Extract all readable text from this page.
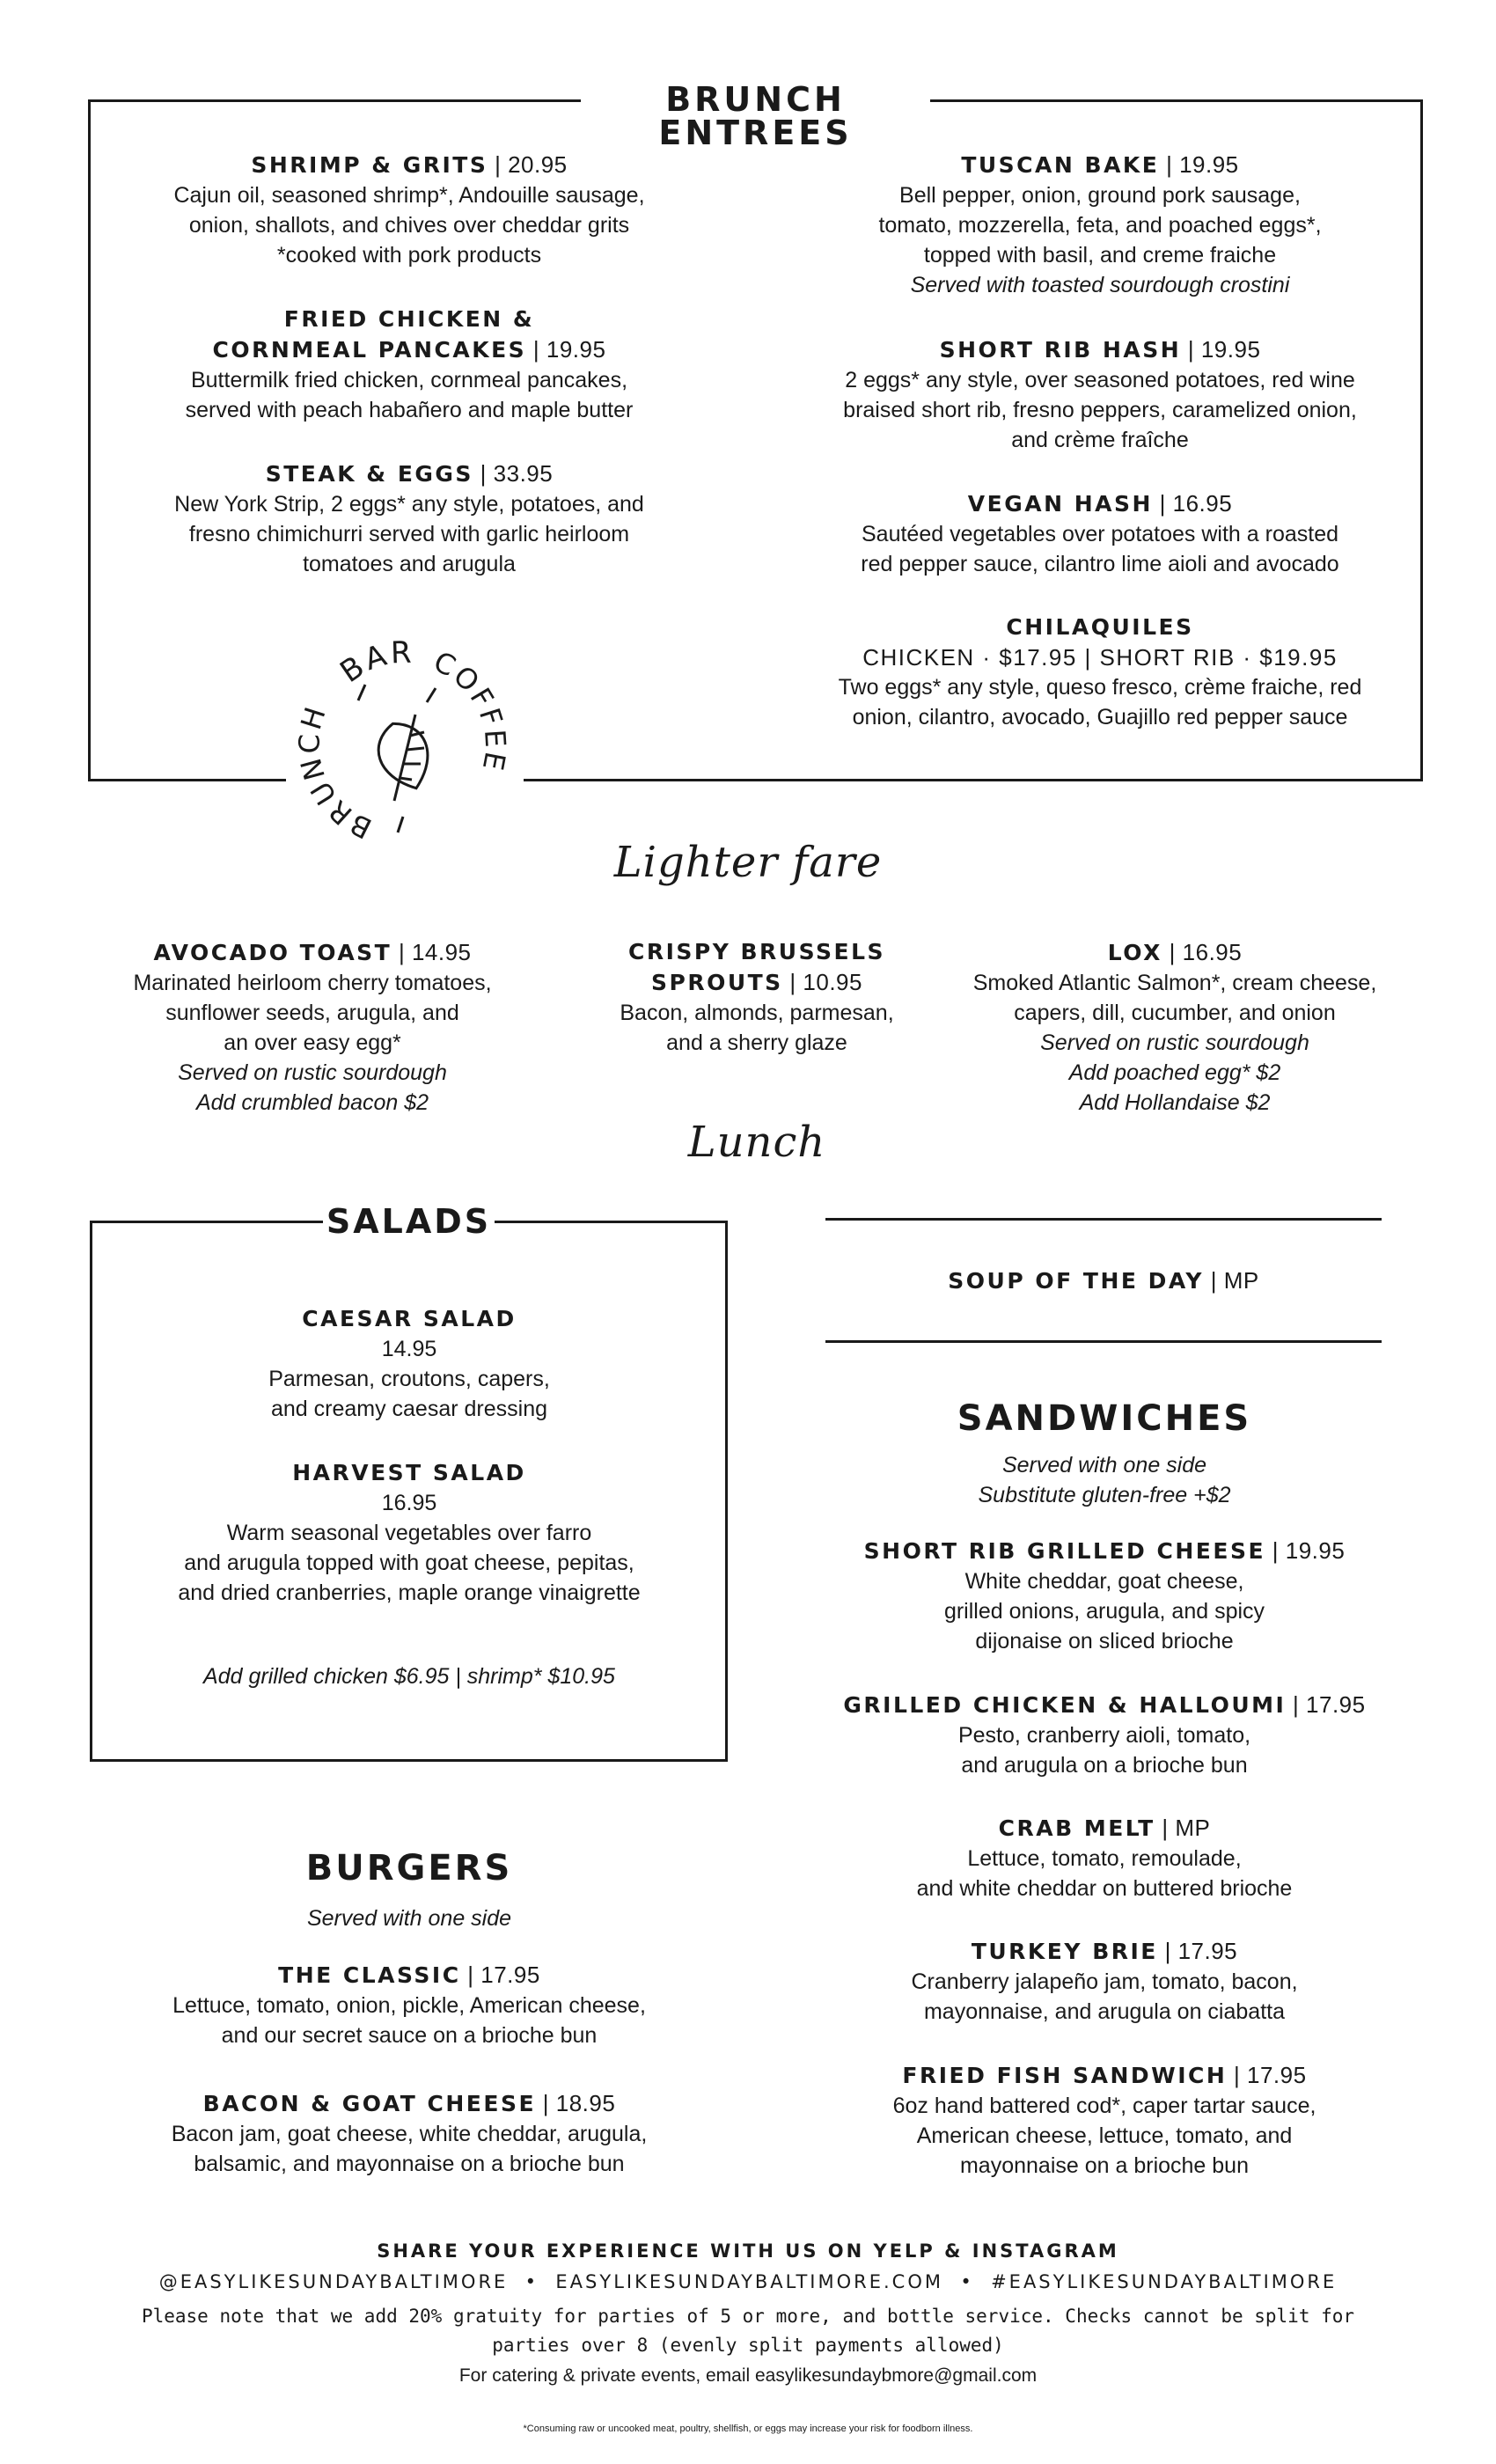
BRUNCH ENTREES
SHRIMP & GRITS | 20.95
Cajun oil, seasoned shrimp*, Andouille sausage,
onion, shallots, and chives over cheddar grits
*cooked with pork products
FRIED CHICKEN &
CORNMEAL PANCAKES | 19.95
Buttermilk fried chicken, cornmeal pancakes,
served with peach habañero and maple butter
STEAK & EGGS | 33.95
New York Strip, 2 eggs* any style, potatoes, and
fresno chimichurri served with garlic heirloom
tomatoes and arugula
TUSCAN BAKE | 19.95
Bell pepper, onion, ground pork sausage,
tomato, mozzerella, feta, and poached eggs*,
topped with basil, and creme fraiche
Served with toasted sourdough crostini
SHORT RIB HASH | 19.95
2 eggs* any style, over seasoned potatoes, red wine
braised short rib, fresno peppers, caramelized onion,
and crème fraîche
VEGAN HASH | 16.95
Sautéed vegetables over potatoes with a roasted
red pepper sauce, cilantro lime aioli and avocado
CHILAQUILES
CHICKEN · $17.95 | SHORT RIB · $19.95
Two eggs* any style, queso fresco, crème fraiche, red
onion, cilantro, avocado, Guajillo red pepper sauce
BAR COFFEE
BRUNCH
Lighter fare
AVOCADO TOAST | 14.95
Marinated heirloom cherry tomatoes,
sunflower seeds, arugula, and
an over easy egg*
Served on rustic sourdough
Add crumbled bacon $2
CRISPY BRUSSELS
SPROUTS | 10.95
Bacon, almonds, parmesan,
and a sherry glaze
LOX | 16.95
Smoked Atlantic Salmon*, cream cheese,
capers, dill, cucumber, and onion
Served on rustic sourdough
Add poached egg* $2
Add Hollandaise $2
Lunch
SALADS
CAESAR SALAD
14.95
Parmesan, croutons, capers,
and creamy caesar dressing
HARVEST SALAD
16.95
Warm seasonal vegetables over farro
and arugula topped with goat cheese, pepitas,
and dried cranberries, maple orange vinaigrette
Add grilled chicken $6.95 | shrimp* $10.95
SOUP OF THE DAY | MP
SANDWICHES
Served with one side
Substitute gluten-free +$2
SHORT RIB GRILLED CHEESE | 19.95
White cheddar, goat cheese,
grilled onions, arugula, and spicy
dijonaise on sliced brioche
GRILLED CHICKEN & HALLOUMI | 17.95
Pesto, cranberry aioli, tomato,
and arugula on a brioche bun
CRAB MELT | MP
Lettuce, tomato, remoulade,
and white cheddar on buttered brioche
TURKEY BRIE | 17.95
Cranberry jalapeño jam, tomato, bacon,
mayonnaise, and arugula on ciabatta
FRIED FISH SANDWICH | 17.95
6oz hand battered cod*, caper tartar sauce,
American cheese, lettuce, tomato, and
mayonnaise on a brioche bun
BURGERS
Served with one side
THE CLASSIC | 17.95
Lettuce, tomato, onion, pickle, American cheese,
and our secret sauce on a brioche bun
BACON & GOAT CHEESE | 18.95
Bacon jam, goat cheese, white cheddar, arugula,
balsamic, and mayonnaise on a brioche bun
SHARE YOUR EXPERIENCE WITH US ON YELP & INSTAGRAM
@EASYLIKESUNDAYBALTIMORE  •  EASYLIKESUNDAYBALTIMORE.COM  •  #EASYLIKESUNDAYBALTIMORE
Please note that we add 20% gratuity for parties of 5 or more, and bottle service. Checks cannot be split for
parties over 8 (evenly split payments allowed)
For catering & private events, email easylikesundaybmore@gmail.com
*Consuming raw or uncooked meat, poultry, shellfish, or eggs may increase your risk for foodborn illness.
